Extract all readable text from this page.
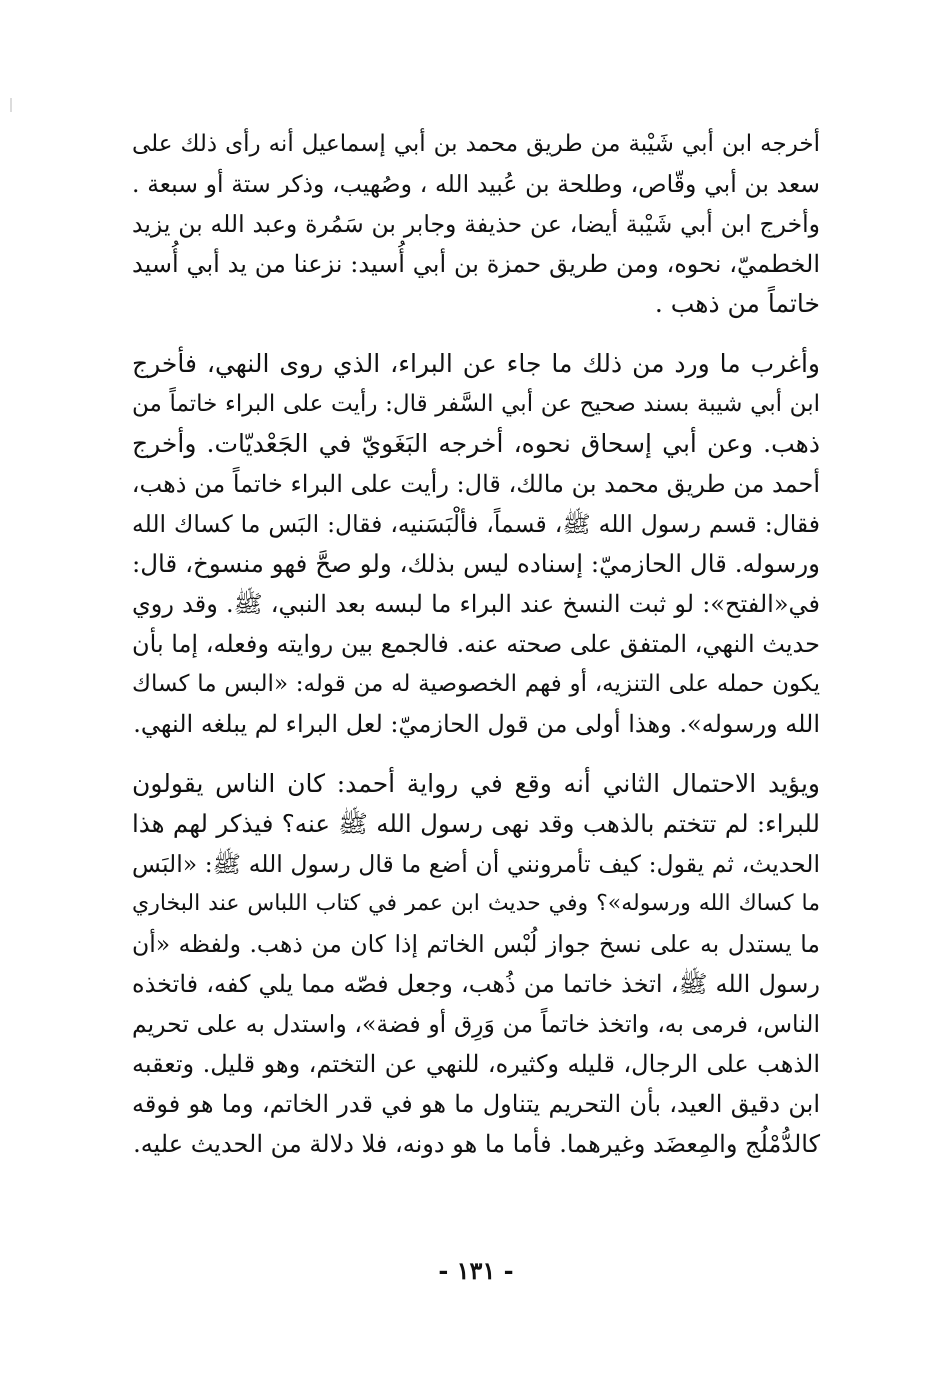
أخرجه ابن أبي شَيْبة من طريق محمد بن أبي إسماعيل أنه رأى ذلك على
سعد بن أبي وقّاص، وطلحة بن عُبيد الله ، وصُهيب، وذكر ستة أو سبعة .
وأخرج ابن أبي شَيْبة أيضا، عن حذيفة وجابر بن سَمُرة وعبد الله بن يزيد
الخطميّ، نحوه، ومن طريق حمزة بن أبي أُسيد: نزعنا من يد أبي أُسيد
خاتماً من ذهب .
وأغرب ما ورد من ذلك ما جاء عن البراء، الذي روى النهي، فأخرج
ابن أبي شيبة بسند صحيح عن أبي السَّفر قال: رأيت على البراء خاتماً من
ذهب. وعن أبي إسحاق نحوه، أخرجه البَغَويّ في الجَعْديّات. وأخرج
أحمد من طريق محمد بن مالك، قال: رأيت على البراء خاتماً من ذهب،
فقال: قسم رسول الله ﷺ، قسماً، فألْبَسَنيه، فقال: البَس ما كساك الله
ورسوله. قال الحازميّ: إسناده ليس بذلك، ولو صحَّ فهو منسوخ، قال:
في«الفتح»: لو ثبت النسخ عند البراء ما لبسه بعد النبي، ﷺ. وقد روي
حديث النهي، المتفق على صحته عنه. فالجمع بين روايته وفعله، إما بأن
يكون حمله على التنزيه، أو فهم الخصوصية له من قوله: «البس ما كساك
الله ورسوله». وهذا أولى من قول الحازميّ: لعل البراء لم يبلغه النهي.
ويؤيد الاحتمال الثاني أنه وقع في رواية أحمد: كان الناس يقولون
للبراء: لم تتختم بالذهب وقد نهى رسول الله ﷺ عنه؟ فيذكر لهم هذا
الحديث، ثم يقول: كيف تأمرونني أن أضع ما قال رسول الله ﷺ: «البَس
ما كساك الله ورسوله»؟ وفي حديث ابن عمر في كتاب اللباس عند البخاري
ما يستدل به على نسخ جواز لُبْس الخاتم إذا كان من ذهب. ولفظه «أن
رسول الله ﷺ، اتخذ خاتما من ذُهب، وجعل فصّه مما يلي كفه، فاتخذه
الناس، فرمى به، واتخذ خاتماً من وَرِق أو فضة»، واستدل به على تحريم
الذهب على الرجال، قليله وكثيره، للنهي عن التختم، وهو قليل. وتعقبه
ابن دقيق العيد، بأن التحريم يتناول ما هو في قدر الخاتم، وما هو فوقه
كالدُّمْلُج والمِعضَد وغيرهما. فأما ما هو دونه، فلا دلالة من الحديث عليه.
- ١٣١ -
